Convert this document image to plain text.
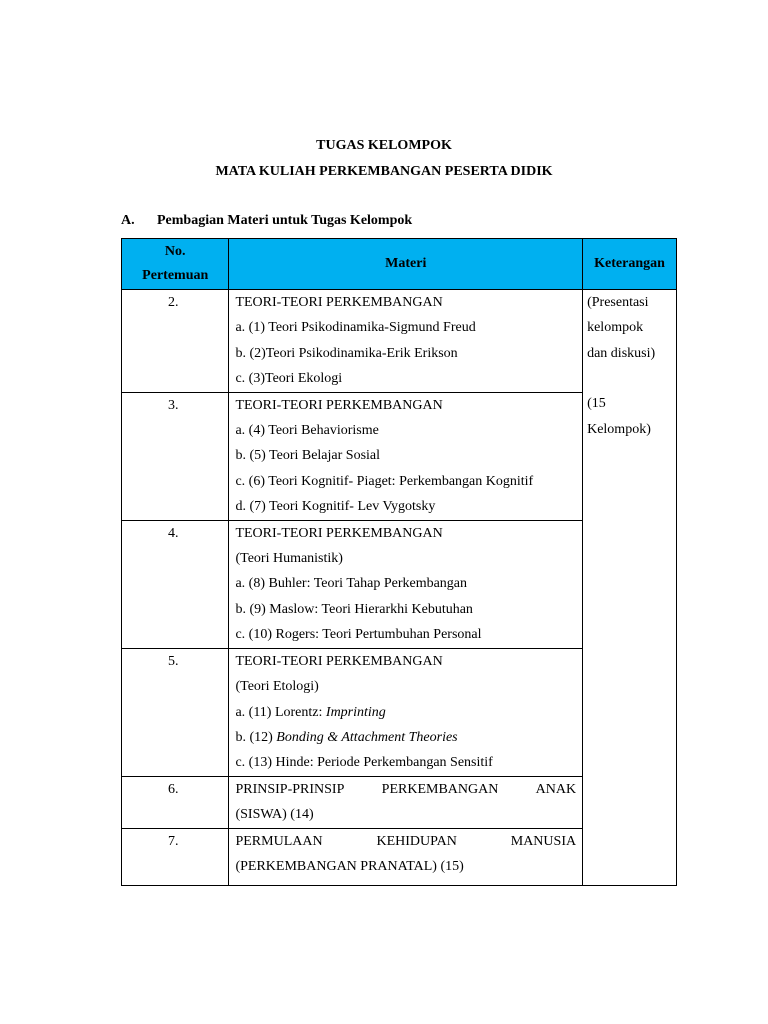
TUGAS KELOMPOK
MATA KULIAH PERKEMBANGAN PESERTA DIDIK
A. Pembagian Materi untuk Tugas Kelompok
No.
Pertemuan	Materi	Keterangan
2.	TEORI-TEORI PERKEMBANGAN
a. (1) Teori Psikodinamika-Sigmund Freud
b. (2)Teori Psikodinamika-Erik Erikson
c. (3)Teori Ekologi	(Presentasi
kelompok
dan diskusi)
(15
Kelompok)

3.	TEORI-TEORI PERKEMBANGAN
a. (4) Teori Behaviorisme
b. (5) Teori Belajar Sosial
c. (6) Teori Kognitif- Piaget: Perkembangan Kognitif
d. (7) Teori Kognitif- Lev Vygotsky	

4.	TEORI-TEORI PERKEMBANGAN
(Teori Humanistik)
a. (8) Buhler: Teori Tahap Perkembangan
b. (9) Maslow: Teori Hierarkhi Kebutuhan
c. (10) Rogers: Teori Pertumbuhan Personal	

5.	TEORI-TEORI PERKEMBANGAN
(Teori Etologi)
a. (11) Lorentz: Imprinting
b. (12) Bonding & Attachment Theories
c. (13) Hinde: Periode Perkembangan Sensitif	

6.	PRINSIP-PRINSIP PERKEMBANGAN ANAK
(SISWA) (14)	

7.	PERMULAAN KEHIDUPAN MANUSIA
(PERKEMBANGAN PRANATAL) (15)	
